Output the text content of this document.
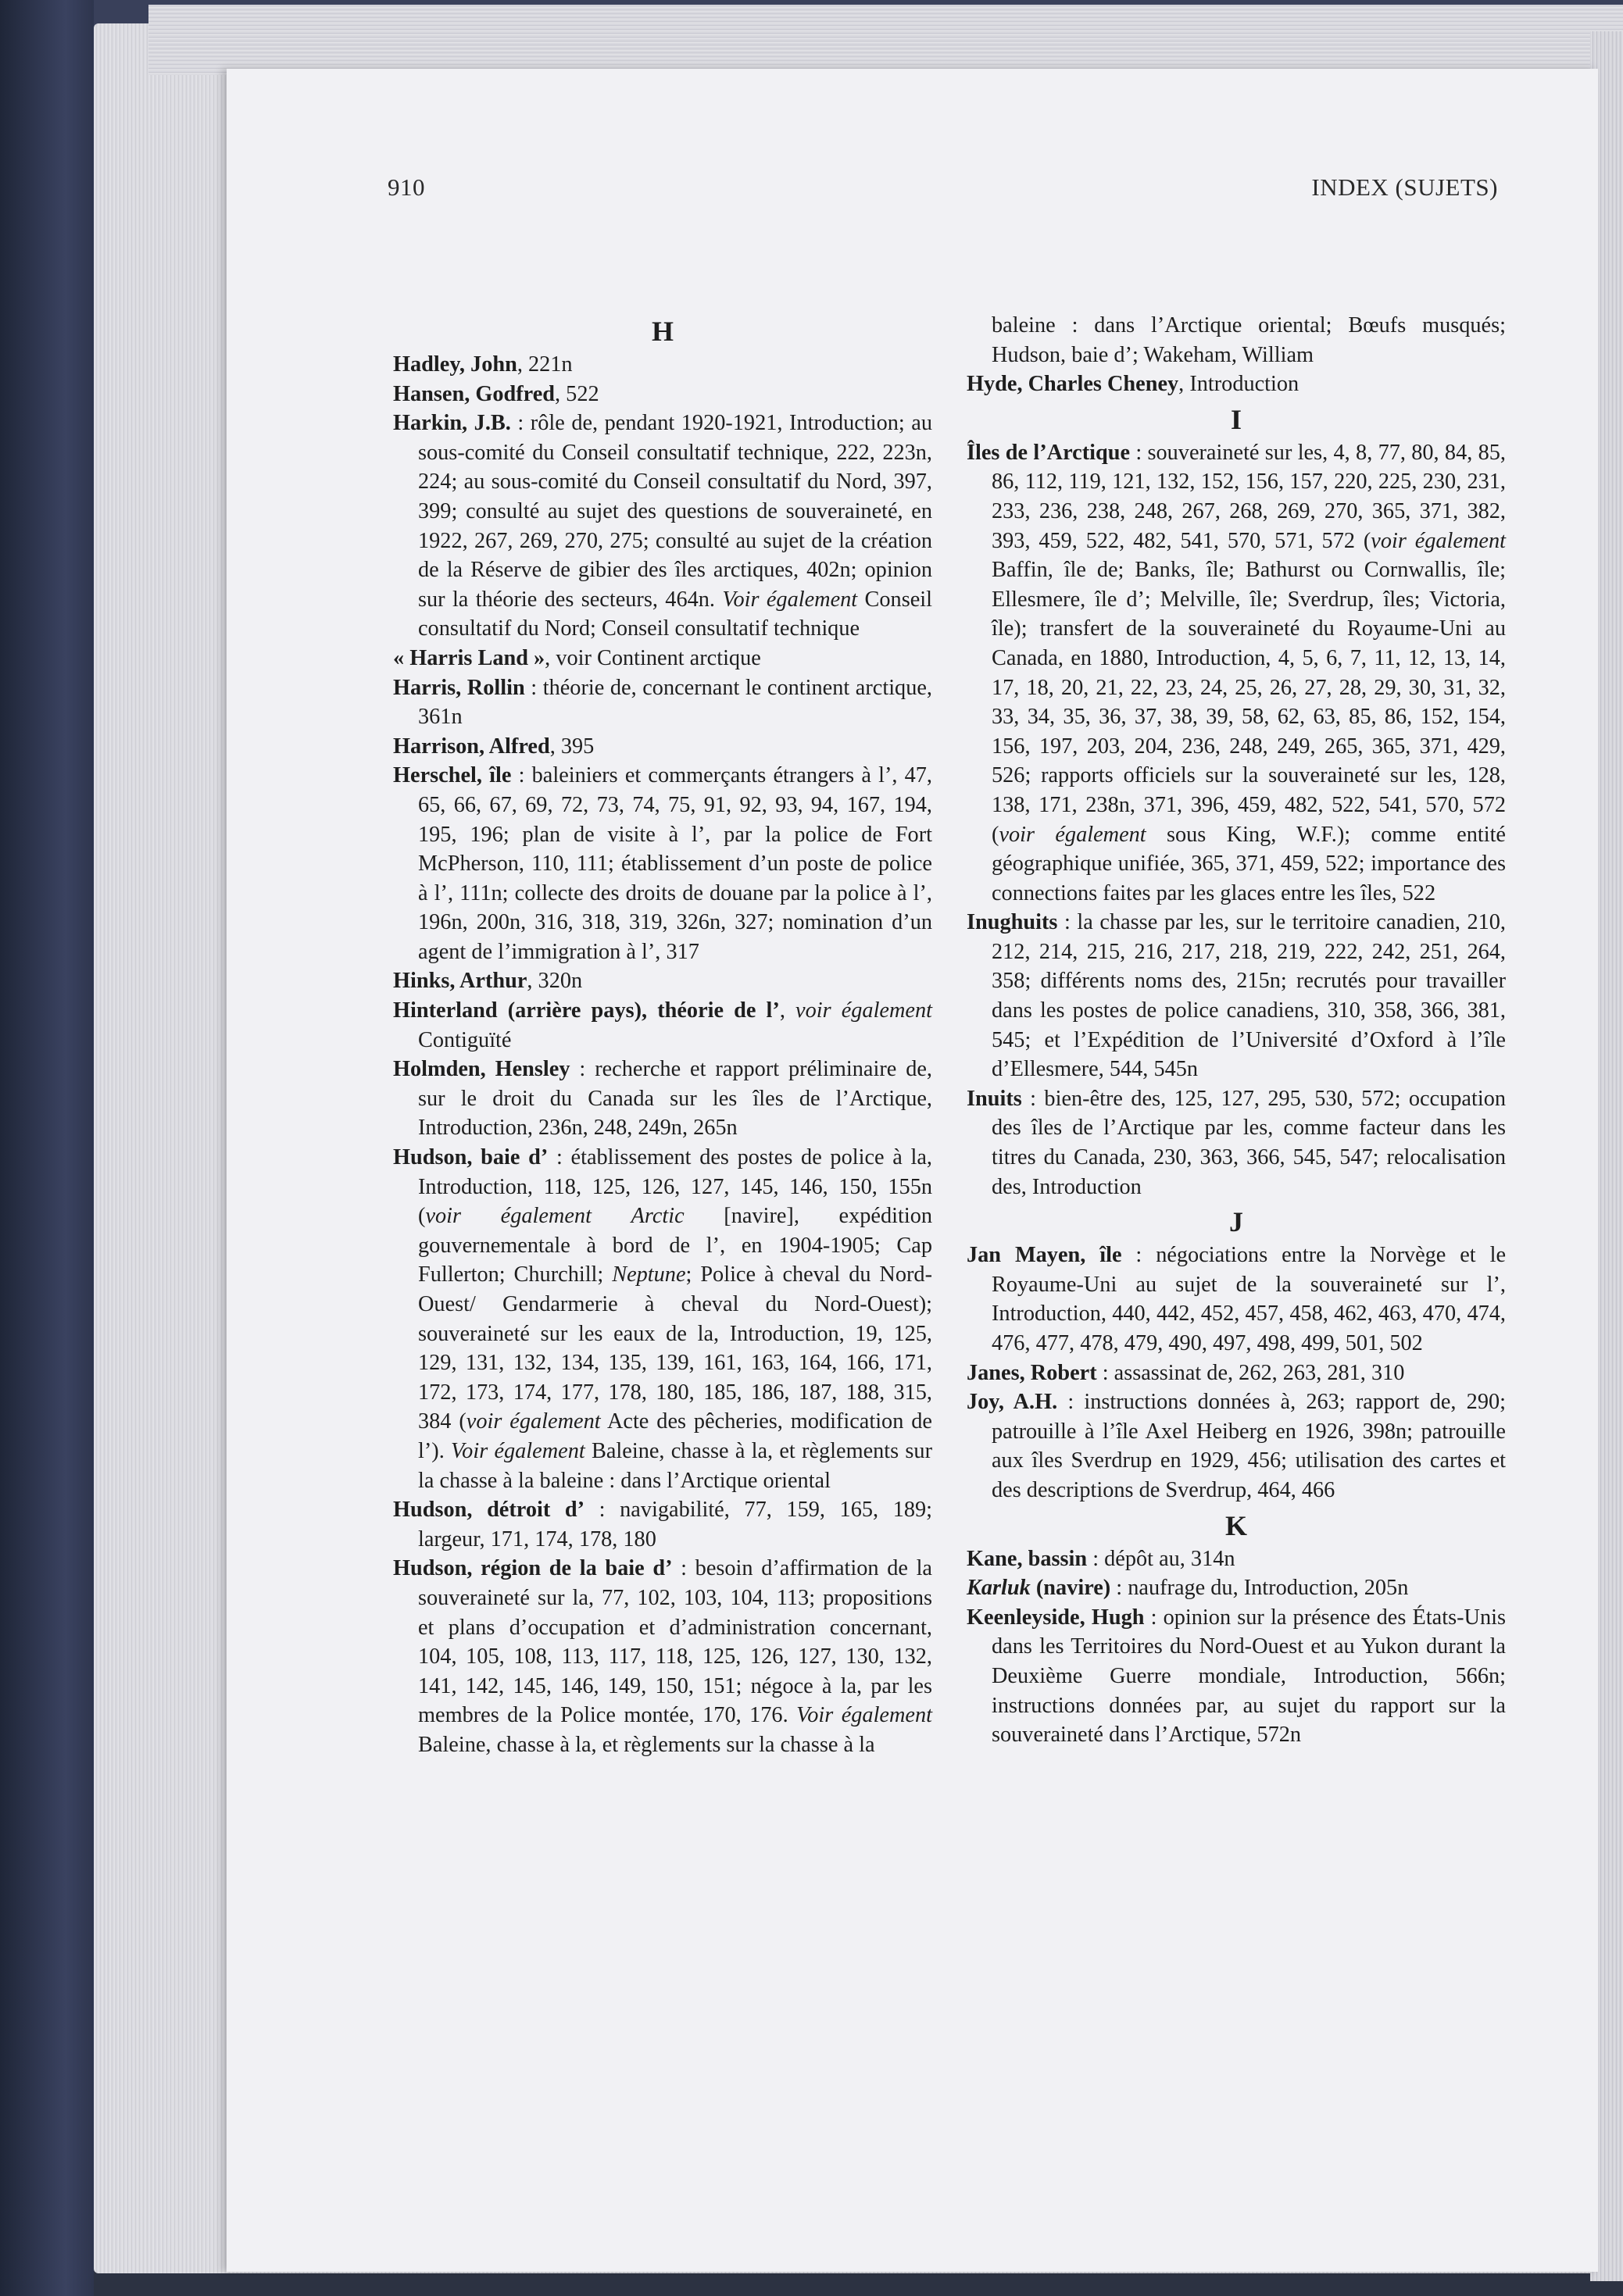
910	INDEX (SUJETS)
H

Hadley, John, 221n

Hansen, Godfred, 522

Harkin, J.B. : rôle de, pendant 1920-1921, Introduction; au sous-comité du Conseil consultatif technique, 222, 223n, 224; au sous-comité du Conseil consultatif du Nord, 397, 399; consulté au sujet des questions de souveraineté, en 1922, 267, 269, 270, 275; consulté au sujet de la création de la Réserve de gibier des îles arctiques, 402n; opinion sur la théorie des secteurs, 464n. Voir également Conseil consultatif du Nord; Conseil consultatif technique

« Harris Land », voir Continent arctique

Harris, Rollin : théorie de, concernant le continent arctique, 361n

Harrison, Alfred, 395

Herschel, île : baleiniers et commerçants étrangers à l’, 47, 65, 66, 67, 69, 72, 73, 74, 75, 91, 92, 93, 94, 167, 194, 195, 196; plan de visite à l’, par la police de Fort McPherson, 110, 111; établissement d’un poste de police à l’, 111n; collecte des droits de douane par la police à l’, 196n, 200n, 316, 318, 319, 326n, 327; nomination d’un agent de l’immigration à l’, 317

Hinks, Arthur, 320n

Hinterland (arrière pays), théorie de l’, voir également Contiguïté

Holmden, Hensley : recherche et rapport préliminaire de, sur le droit du Canada sur les îles de l’Arctique, Introduction, 236n, 248, 249n, 265n

Hudson, baie d’ : établissement des postes de police à la, Introduction, 118, 125, 126, 127, 145, 146, 150, 155n (voir également Arctic [navire], expédition gouvernementale à bord de l’, en 1904-1905; Cap Fullerton; Churchill; Neptune; Police à cheval du Nord-Ouest/ Gendarmerie à cheval du Nord-Ouest); souveraineté sur les eaux de la, Introduction, 19, 125, 129, 131, 132, 134, 135, 139, 161, 163, 164, 166, 171, 172, 173, 174, 177, 178, 180, 185, 186, 187, 188, 315, 384 (voir également Acte des pêcheries, modification de l’). Voir également Baleine, chasse à la, et règlements sur la chasse à la baleine : dans l’Arctique oriental

Hudson, détroit d’ : navigabilité, 77, 159, 165, 189; largeur, 171, 174, 178, 180

Hudson, région de la baie d’ : besoin d’affirmation de la souveraineté sur la, 77, 102, 103, 104, 113; propositions et plans d’occupation et d’administration concernant, 104, 105, 108, 113, 117, 118, 125, 126, 127, 130, 132, 141, 142, 145, 146, 149, 150, 151; négoce à la, par les membres de la Police montée, 170, 176. Voir également Baleine, chasse à la, et règlements sur la chasse à la

baleine : dans l’Arctique oriental; Bœufs musqués; Hudson, baie d’; Wakeham, William

Hyde, Charles Cheney, Introduction

I

Îles de l’Arctique : souveraineté sur les, 4, 8, 77, 80, 84, 85, 86, 112, 119, 121, 132, 152, 156, 157, 220, 225, 230, 231, 233, 236, 238, 248, 267, 268, 269, 270, 365, 371, 382, 393, 459, 522, 482, 541, 570, 571, 572 (voir également Baffin, île de; Banks, île; Bathurst ou Cornwallis, île; Ellesmere, île d’; Melville, île; Sverdrup, îles; Victoria, île); transfert de la souveraineté du Royaume-Uni au Canada, en 1880, Introduction, 4, 5, 6, 7, 11, 12, 13, 14, 17, 18, 20, 21, 22, 23, 24, 25, 26, 27, 28, 29, 30, 31, 32, 33, 34, 35, 36, 37, 38, 39, 58, 62, 63, 85, 86, 152, 154, 156, 197, 203, 204, 236, 248, 249, 265, 365, 371, 429, 526; rapports officiels sur la souveraineté sur les, 128, 138, 171, 238n, 371, 396, 459, 482, 522, 541, 570, 572 (voir également sous King, W.F.); comme entité géographique unifiée, 365, 371, 459, 522; importance des connections faites par les glaces entre les îles, 522

Inughuits : la chasse par les, sur le territoire canadien, 210, 212, 214, 215, 216, 217, 218, 219, 222, 242, 251, 264, 358; différents noms des, 215n; recrutés pour travailler dans les postes de police canadiens, 310, 358, 366, 381, 545; et l’Expédition de l’Université d’Oxford à l’île d’Ellesmere, 544, 545n

Inuits : bien-être des, 125, 127, 295, 530, 572; occupation des îles de l’Arctique par les, comme facteur dans les titres du Canada, 230, 363, 366, 545, 547; relocalisation des, Introduction

J

Jan Mayen, île : négociations entre la Norvège et le Royaume-Uni au sujet de la souveraineté sur l’, Introduction, 440, 442, 452, 457, 458, 462, 463, 470, 474, 476, 477, 478, 479, 490, 497, 498, 499, 501, 502

Janes, Robert : assassinat de, 262, 263, 281, 310

Joy, A.H. : instructions données à, 263; rapport de, 290; patrouille à l’île Axel Heiberg en 1926, 398n; patrouille aux îles Sverdrup en 1929, 456; utilisation des cartes et des descriptions de Sverdrup, 464, 466

K

Kane, bassin : dépôt au, 314n

Karluk (navire) : naufrage du, Introduction, 205n

Keenleyside, Hugh : opinion sur la présence des États-Unis dans les Territoires du Nord-Ouest et au Yukon durant la Deuxième Guerre mondiale, Introduction, 566n; instructions données par, au sujet du rapport sur la souveraineté dans l’Arctique, 572n
